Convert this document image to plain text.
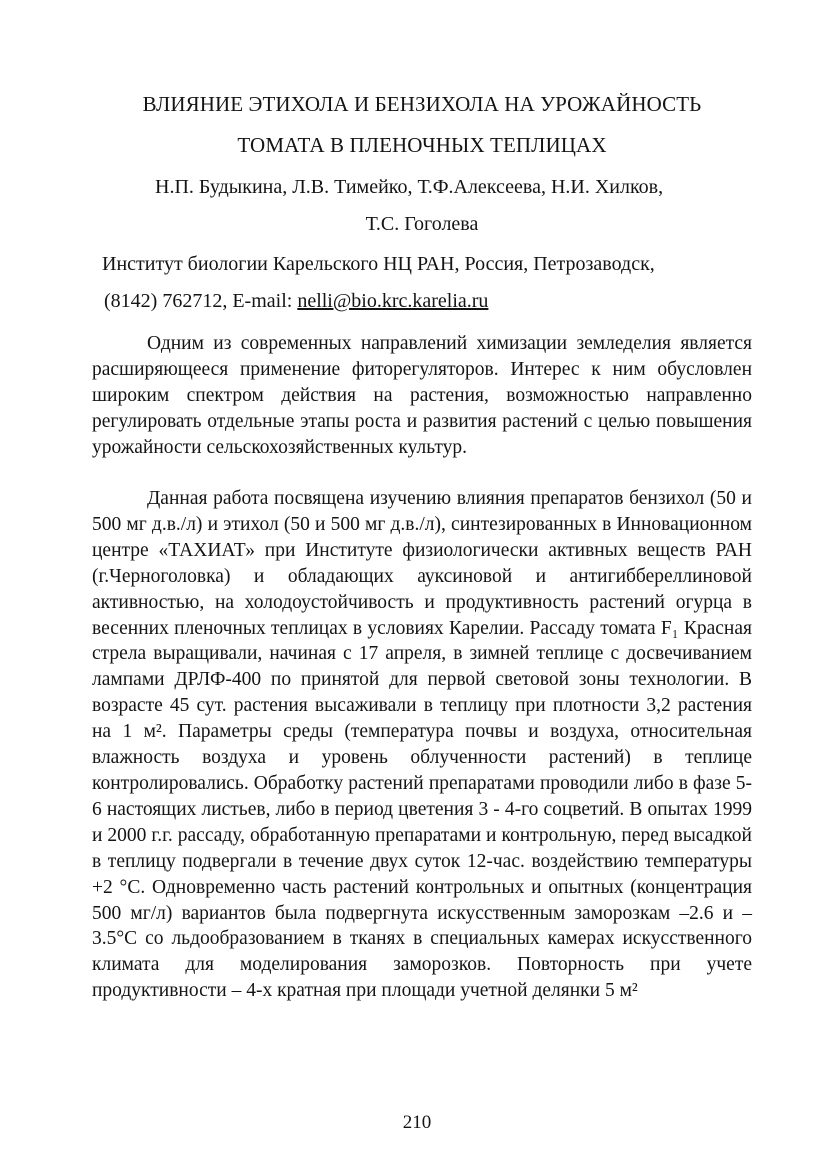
ВЛИЯНИЕ ЭТИХОЛА И БЕНЗИХОЛА НА УРОЖАЙНОСТЬ
ТОМАТА В ПЛЕНОЧНЫХ ТЕПЛИЦАХ
Н.П. Будыкина, Л.В. Тимейко, Т.Ф.Алексеева, Н.И. Хилков,
Т.С. Гоголева
Институт биологии Карельского НЦ РАН, Россия, Петрозаводск,
(8142) 762712, E-mail: nelli@bio.krc.karelia.ru

Одним из современных направлений химизации земледелия является расширяющееся применение фиторегуляторов. Интерес к ним обусловлен широким спектром действия на растения, возможностью направленно регулировать отдельные этапы роста и развития растений с целью повышения урожайности сельскохозяйственных культур.

Данная работа посвящена изучению влияния препаратов бензихол (50 и 500 мг д.в./л) и этихол (50 и 500 мг д.в./л), синтезированных в Инновационном центре «ТАХИАТ» при Институте физиологически активных веществ РАН (г.Черноголовка) и обладающих ауксиновой и антигиббереллиновой активностью, на холодоустойчивость и продуктивность растений огурца в весенних пленочных теплицах в условиях Карелии. Рассаду томата F₁ Красная стрела выращивали, начиная с 17 апреля, в зимней теплице с досвечиванием лампами ДРЛФ-400 по принятой для первой световой зоны технологии. В возрасте 45 сут. растения высаживали в теплицу при плотности 3,2 растения на 1 м². Параметры среды (температура почвы и воздуха, относительная влажность воздуха и уровень облученности растений) в теплице контролировались. Обработку растений препаратами проводили либо в фазе 5-6 настоящих листьев, либо в период цветения 3 - 4-го соцветий. В опытах 1999 и 2000 г.г. рассаду, обработанную препаратами и контрольную, перед высадкой в теплицу подвергали в течение двух суток 12-час. воздействию температуры +2 °С. Одновременно часть растений контрольных и опытных (концентрация 500 мг/л) вариантов была подвергнута искусственным заморозкам –2.6 и –3.5°С со льдообразованием в тканях в специальных камерах искусственного климата для моделирования заморозков. Повторность при учете продуктивности – 4-х кратная при площади учетной делянки 5 м²

210
